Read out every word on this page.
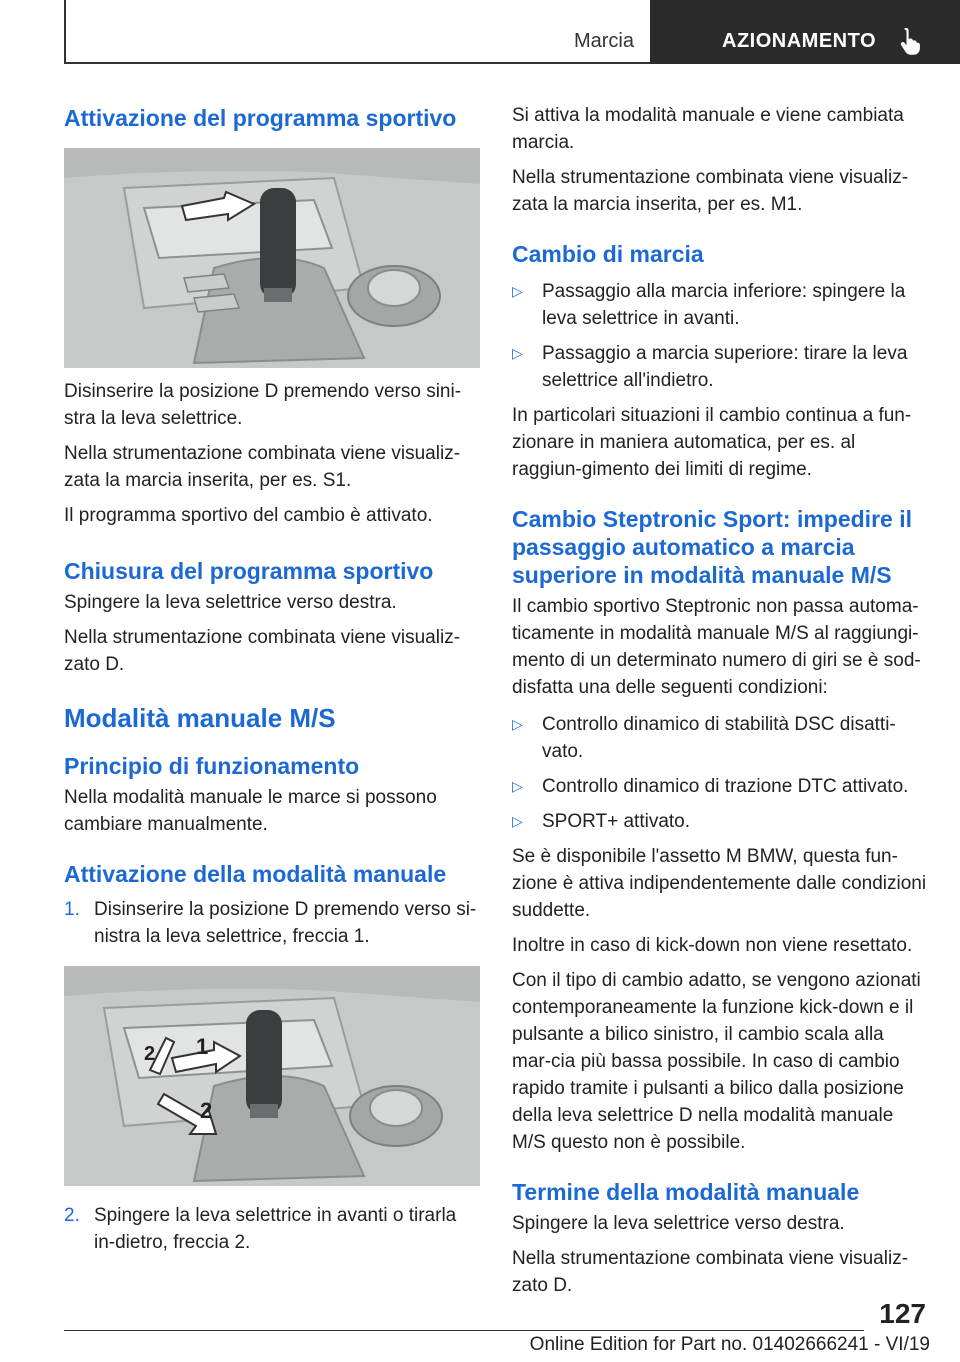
Marcia	AZIONAMENTO
Attivazione del programma sportivo

Disinserire la posizione D premendo verso sini-stra la leva selettrice.

Nella strumentazione combinata viene visualiz-zata la marcia inserita, per es. S1.

Il programma sportivo del cambio è attivato.

Chiusura del programma sportivo

Spingere la leva selettrice verso destra.

Nella strumentazione combinata viene visualiz-zato D.

Modalità manuale M/S
Principio di funzionamento

Nella modalità manuale le marce si possono cambiare manualmente.

Attivazione della modalità manuale
1. Disinserire la posizione D premendo verso si-nistra la leva selettrice, freccia 1.
1
2
2
2. Spingere la leva selettrice in avanti o tirarla in-dietro, freccia 2.

Si attiva la modalità manuale e viene cambiata marcia.

Nella strumentazione combinata viene visualiz-zata la marcia inserita, per es. M1.

Cambio di marcia
▷ Passaggio alla marcia inferiore: spingere la leva selettrice in avanti.
▷ Passaggio a marcia superiore: tirare la leva selettrice all'indietro.

In particolari situazioni il cambio continua a fun-zionare in maniera automatica, per es. al raggiun-gimento dei limiti di regime.

Cambio Steptronic Sport: impedire il passaggio automatico a marcia superiore in modalità manuale M/S

Il cambio sportivo Steptronic non passa automa-ticamente in modalità manuale M/S al raggiungi-mento di un determinato numero di giri se è sod-disfatta una delle seguenti condizioni:

▷ Controllo dinamico di stabilità DSC disatti-vato.
▷ Controllo dinamico di trazione DTC attivato.
▷ SPORT+ attivato.

Se è disponibile l'assetto M BMW, questa fun-zione è attiva indipendentemente dalle condizioni suddette.

Inoltre in caso di kick-down non viene resettato.

Con il tipo di cambio adatto, se vengono azionati contemporaneamente la funzione kick-down e il pulsante a bilico sinistro, il cambio scala alla mar-cia più bassa possibile. In caso di cambio rapido tramite i pulsanti a bilico dalla posizione della leva selettrice D nella modalità manuale M/S questo non è possibile.

Termine della modalità manuale

Spingere la leva selettrice verso destra.

Nella strumentazione combinata viene visualiz-zato D.

127
Online Edition for Part no. 01402666241 - VI/19
